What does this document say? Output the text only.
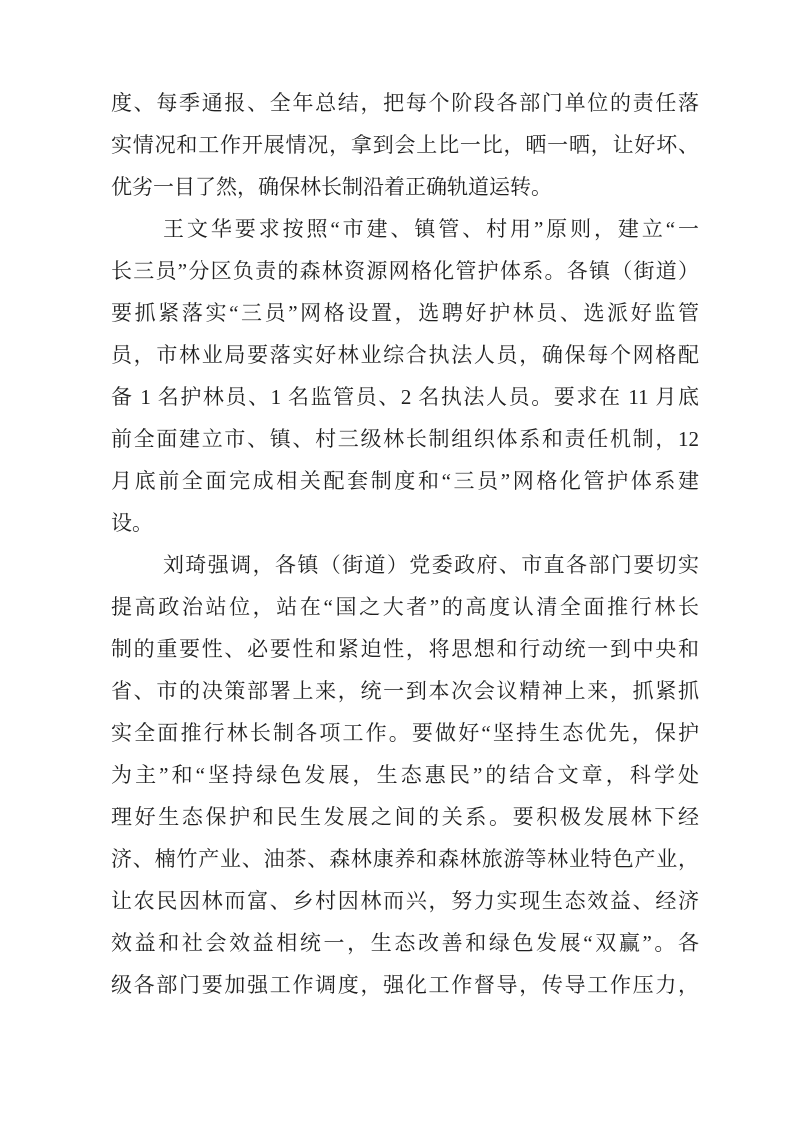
度、每季通报、全年总结，把每个阶段各部门单位的责任落
实情况和工作开展情况，拿到会上比一比，晒一晒，让好坏、
优劣一目了然，确保林长制沿着正确轨道运转。
王文华要求按照“市建、镇管、村用”原则，建立“一
长三员”分区负责的森林资源网格化管护体系。各镇（街道）
要抓紧落实“三员”网格设置，选聘好护林员、选派好监管
员，市林业局要落实好林业综合执法人员，确保每个网格配
备 1 名护林员、1 名监管员、2 名执法人员。要求在 11 月底
前全面建立市、镇、村三级林长制组织体系和责任机制，12
月底前全面完成相关配套制度和“三员”网格化管护体系建
设。
刘琦强调，各镇（街道）党委政府、市直各部门要切实
提高政治站位，站在“国之大者”的高度认清全面推行林长
制的重要性、必要性和紧迫性，将思想和行动统一到中央和
省、市的决策部署上来，统一到本次会议精神上来，抓紧抓
实全面推行林长制各项工作。要做好“坚持生态优先，保护
为主”和“坚持绿色发展，生态惠民”的结合文章，科学处
理好生态保护和民生发展之间的关系。要积极发展林下经
济、楠竹产业、油茶、森林康养和森林旅游等林业特色产业，
让农民因林而富、乡村因林而兴，努力实现生态效益、经济
效益和社会效益相统一，生态改善和绿色发展“双赢”。各
级各部门要加强工作调度，强化工作督导，传导工作压力，
